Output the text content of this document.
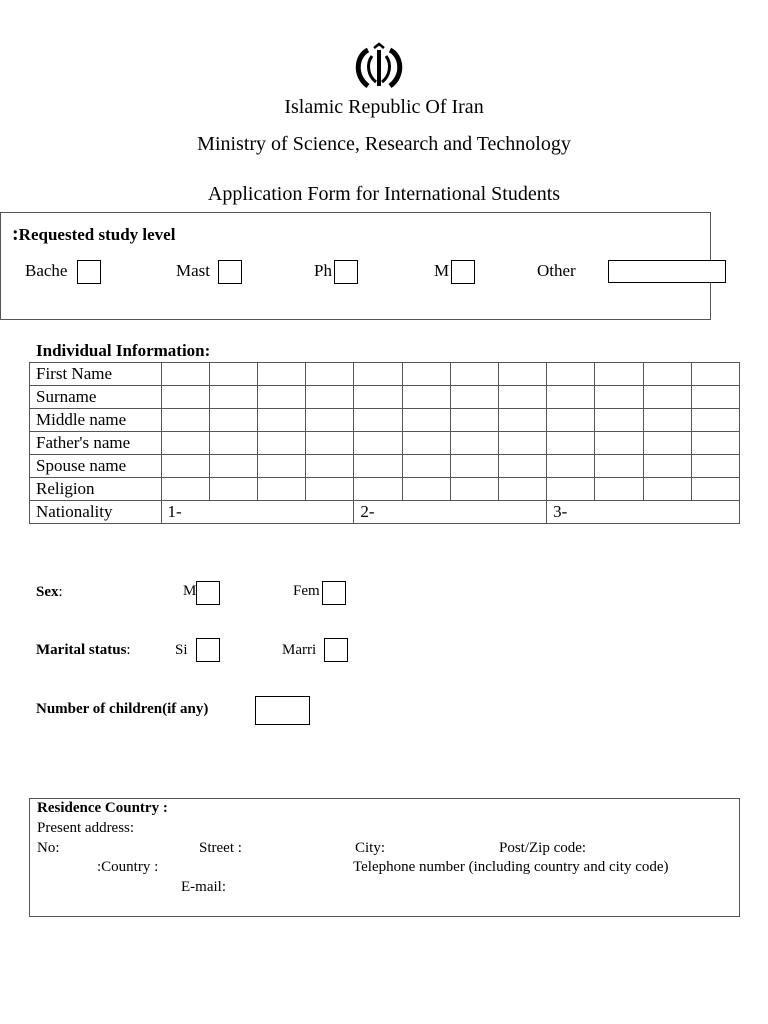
Islamic Republic Of Iran
Ministry of Science, Research and Technology
Application Form for International Students
:Requested study level
Bache	Mast	Ph	M	Other
Individual Information:
First Name												
Surname												
Middle name												
Father's name												
Spouse name												
Religion												
Nationality	1-				2-				3-			
Sex:	M	Fem
Marital status:	Si	Marri
Number of children(if any)
Residence Country :
Present address:
No:	Street :	City:	Post/Zip code:
:Country :	Telephone number (including country and city code)
E-mail:
